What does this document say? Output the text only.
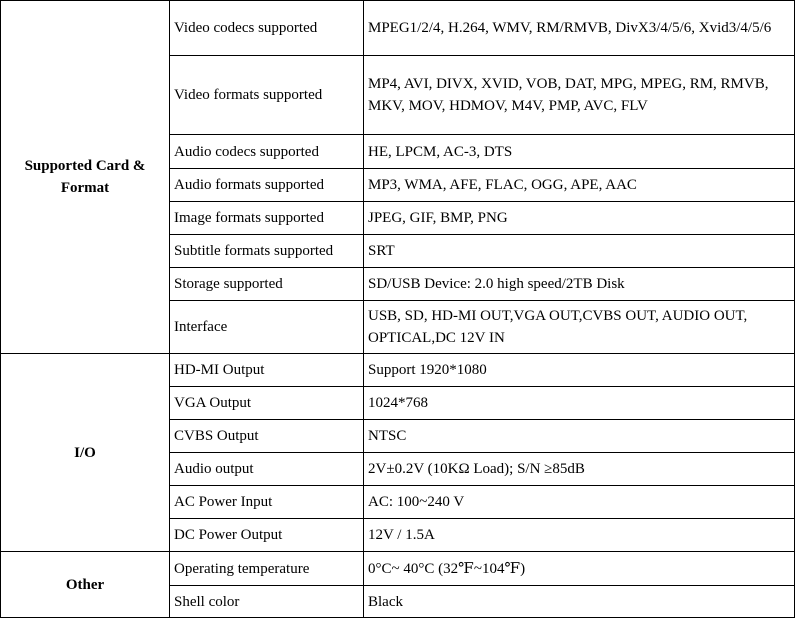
Supported Card & Format	Video codecs supported	MPEG1/2/4, H.264, WMV, RM/RMVB, DivX3/4/5/6, Xvid3/4/5/6
	Video formats supported	MP4, AVI, DIVX, XVID, VOB, DAT, MPG, MPEG, RM, RMVB, MKV, MOV, HDMOV, M4V, PMP, AVC, FLV
	Audio codecs supported	HE, LPCM, AC-3, DTS
	Audio formats supported	MP3, WMA, AFE, FLAC, OGG, APE, AAC
	Image formats supported	JPEG, GIF, BMP, PNG
	Subtitle formats supported	SRT
	Storage supported	SD/USB Device: 2.0 high speed/2TB Disk
	Interface	USB, SD, HD-MI OUT,VGA OUT,CVBS OUT, AUDIO OUT, OPTICAL,DC 12V IN
I/O	HD-MI Output	Support 1920*1080
	VGA Output	1024*768
	CVBS Output	NTSC
	Audio output	2V±0.2V (10KΩ Load); S/N ≥85dB
	AC Power Input	AC: 100~240 V
	DC Power Output	12V / 1.5A
Other	Operating temperature	0°C~ 40°C (32℉~104℉)
	Shell color	Black
